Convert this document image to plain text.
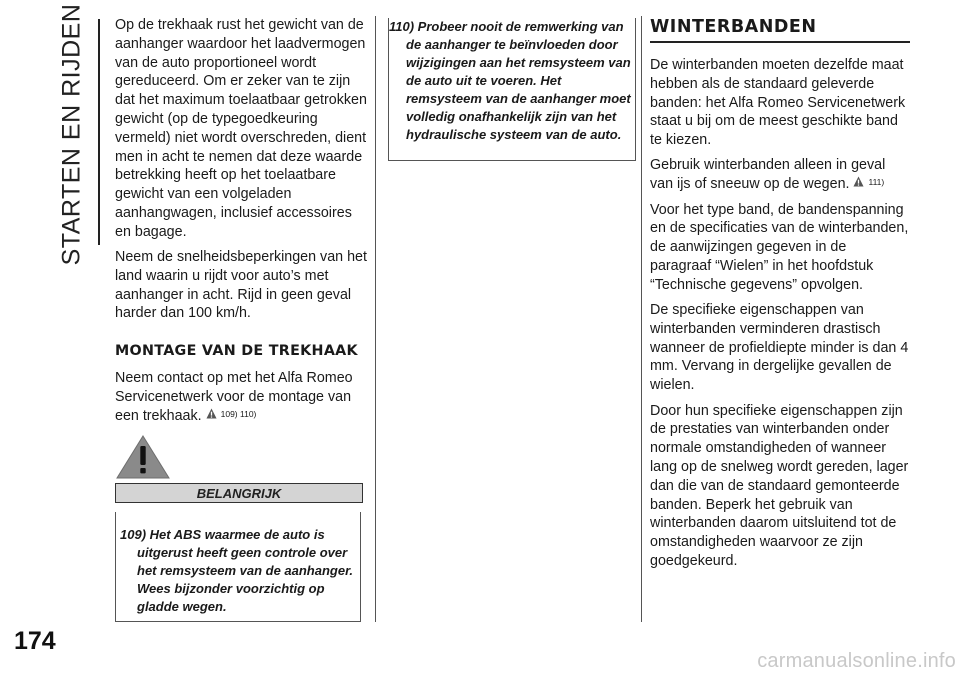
STARTEN EN RIJDEN
174

Op de trekhaak rust het gewicht van de aanhanger waardoor het laadvermogen van de auto proportioneel wordt gereduceerd. Om er zeker van te zijn dat het maximum toelaatbaar getrokken gewicht (op de typegoedkeuring vermeld) niet wordt overschreden, dient men in acht te nemen dat deze waarde betrekking heeft op het toelaatbare gewicht van een volgeladen aanhangwagen, inclusief accessoires en bagage.

Neem de snelheidsbeperkingen van het land waarin u rijdt voor auto’s met aanhanger in acht. Rijd in geen geval harder dan 100 km/h.

MONTAGE VAN DE TREKHAAK

Neem contact op met het Alfa Romeo Servicenetwerk voor de montage van een trekhaak. 109) 110)

BELANGRIJK

109) Het ABS waarmee de auto is uitgerust heeft geen controle over het remsysteem van de aanhanger. Wees bijzonder voorzichtig op gladde wegen.

110) Probeer nooit de remwerking van de aanhanger te beïnvloeden door wijzigingen aan het remsysteem van de auto uit te voeren. Het remsysteem van de aanhanger moet volledig onafhankelijk zijn van het hydraulische systeem van de auto.

WINTERBANDEN

De winterbanden moeten dezelfde maat hebben als de standaard geleverde banden: het Alfa Romeo Servicenetwerk staat u bij om de meest geschikte band te kiezen.

Gebruik winterbanden alleen in geval van ijs of sneeuw op de wegen. 111)

Voor het type band, de bandenspanning en de specificaties van de winterbanden, de aanwijzingen gegeven in de paragraaf “Wielen” in het hoofdstuk “Technische gegevens” opvolgen.

De specifieke eigenschappen van winterbanden verminderen drastisch wanneer de profieldiepte minder is dan 4 mm. Vervang in dergelijke gevallen de wielen.

Door hun specifieke eigenschappen zijn de prestaties van winterbanden onder normale omstandigheden of wanneer lang op de snelweg wordt gereden, lager dan die van de standaard gemonteerde banden. Beperk het gebruik van winterbanden daarom uitsluitend tot de omstandigheden waarvoor ze zijn goedgekeurd.

carmanualsonline.info
